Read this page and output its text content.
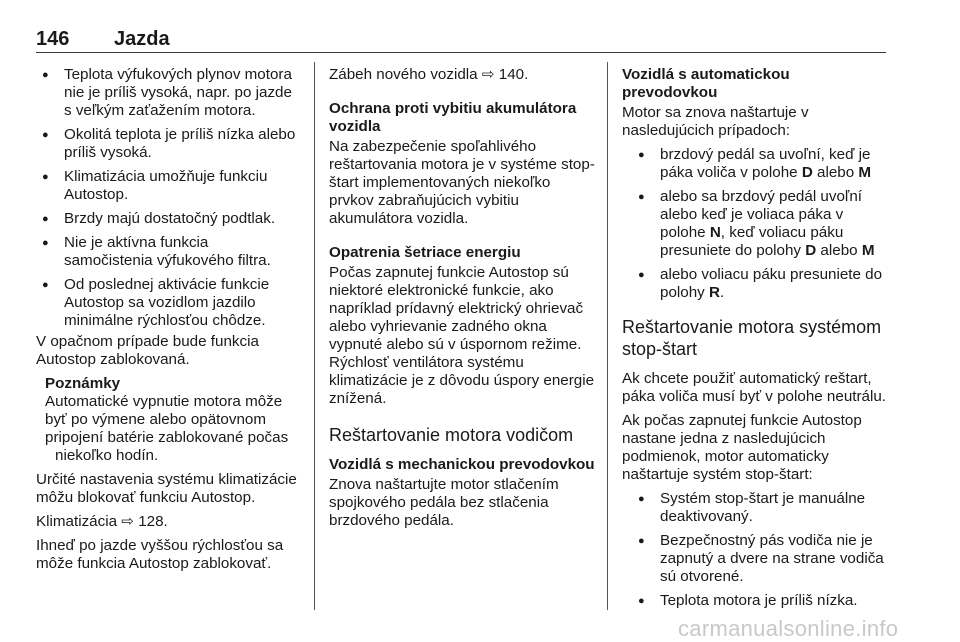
146 Jazda
● Teplota výfukových plynov motora nie je príliš vysoká, napr. po jazde s veľkým zaťažením motora.
● Okolitá teplota je príliš nízka alebo príliš vysoká.
● Klimatizácia umožňuje funkciu Autostop.
● Brzdy majú dostatočný podtlak.
● Nie je aktívna funkcia samočistenia výfukového filtra.
● Od poslednej aktivácie funkcie Autostop sa vozidlom jazdilo minimálne rýchlosťou chôdze.

V opačnom prípade bude funkcia Autostop zablokovaná.

Poznámky
Automatické vypnutie motora môže byť po výmene alebo opätovnom
pripojení batérie zablokované počas niekoľko hodín.

Určité nastavenia systému klimatizácie môžu blokovať funkciu Autostop.

Klimatizácia ⇨ 128.

Ihneď po jazde vyššou rýchlosťou sa môže funkcia Autostop zablokovať.

Zábeh nového vozidla ⇨ 140.

Ochrana proti vybitiu akumulátora vozidla

Na zabezpečenie spoľahlivého reštartovania motora je v systéme stop-štart implementovaných niekoľko prvkov zabraňujúcich vybitiu akumulátora vozidla.

Opatrenia šetriace energiu

Počas zapnutej funkcie Autostop sú niektoré elektronické funkcie, ako napríklad prídavný elektrický ohrievač alebo vyhrievanie zadného okna vypnuté alebo sú v úspornom režime. Rýchlosť ventilátora systému klimatizácie je z dôvodu úspory energie znížená.

Reštartovanie motora vodičom
Vozidlá s mechanickou prevodovkou

Znova naštartujte motor stlačením spojkového pedála bez stlačenia brzdového pedála.

Vozidlá s automatickou prevodovkou

Motor sa znova naštartuje v nasledujúcich prípadoch:

● brzdový pedál sa uvoľní, keď je páka voliča v polohe D alebo M
● alebo sa brzdový pedál uvoľní alebo keď je voliaca páka v polohe N, keď voliacu páku presuniete do polohy D alebo M
● alebo voliacu páku presuniete do polohy R.
Reštartovanie motora systémom stop-štart

Ak chcete použiť automatický reštart, páka voliča musí byť v polohe neutrálu.

Ak počas zapnutej funkcie Autostop nastane jedna z nasledujúcich podmienok, motor automaticky naštartuje systém stop-štart:

● Systém stop-štart je manuálne deaktivovaný.
● Bezpečnostný pás vodiča nie je zapnutý a dvere na strane vodiča sú otvorené.
● Teplota motora je príliš nízka.
carmanualsonline.info
